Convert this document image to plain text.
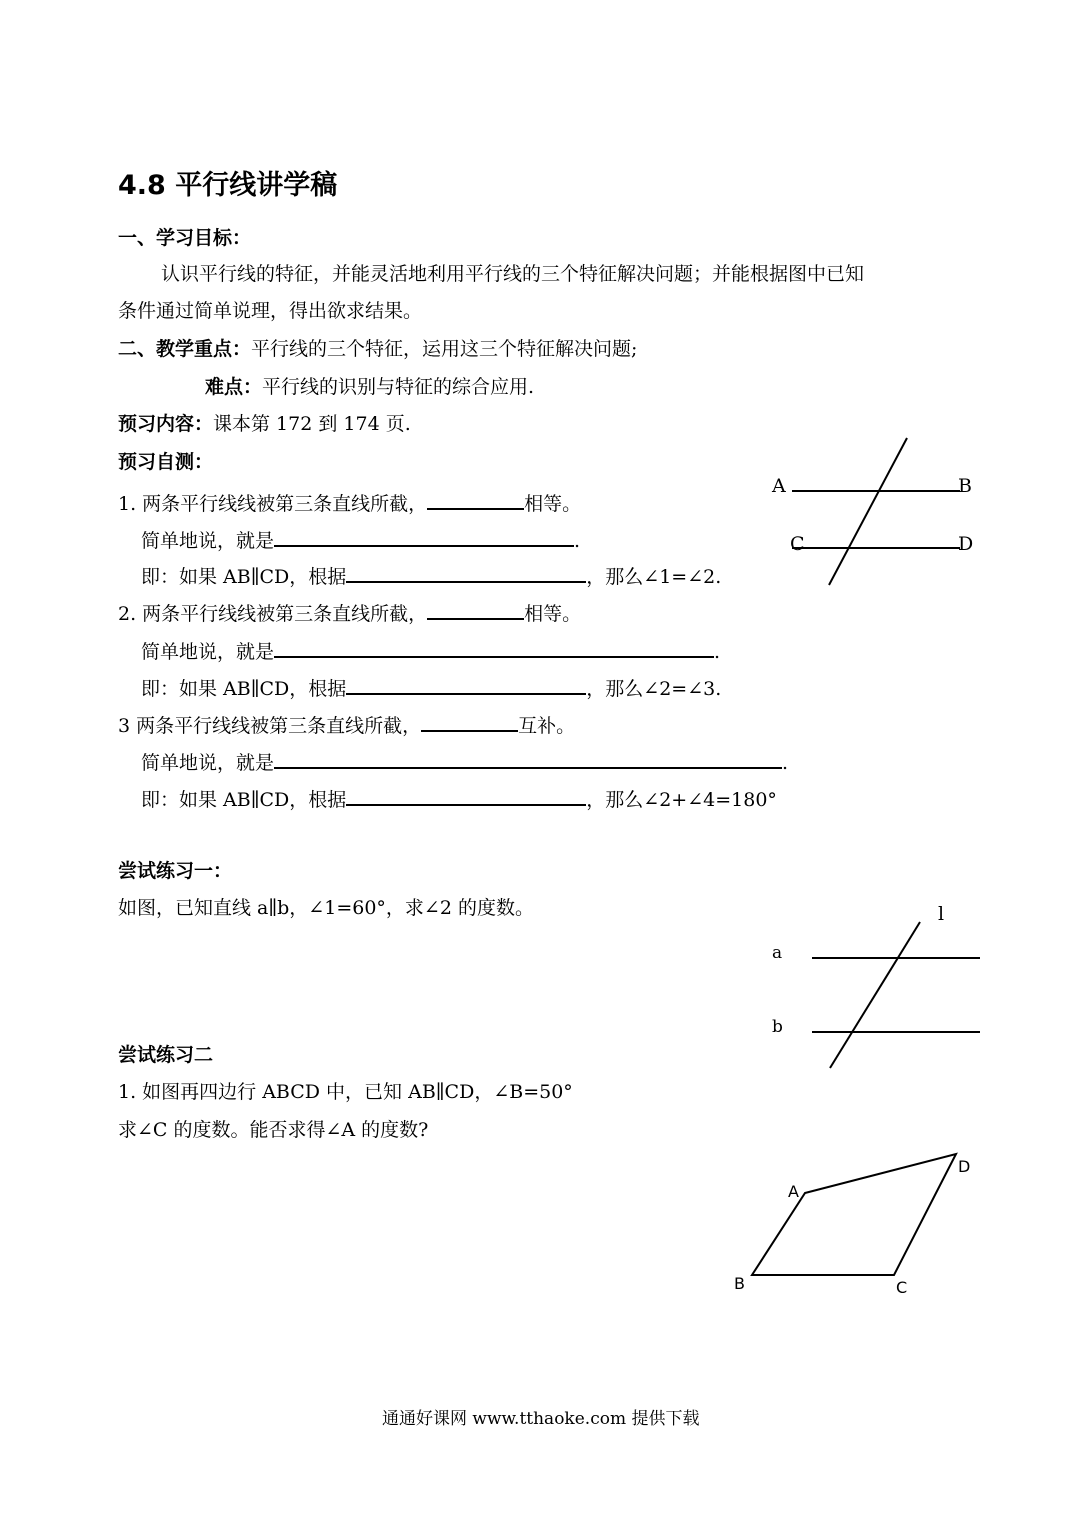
4.8 平行线讲学稿
一、学习目标：
认识平行线的特征，并能灵活地利用平行线的三个特征解决问题；并能根据图中已知
条件通过简单说理，得出欲求结果。
二、教学重点：平行线的三个特征，运用这三个特征解决问题;
难点：平行线的识别与特征的综合应用.
预习内容：课本第 172 到 174 页.
预习自测：
1. 两条平行线线被第三条直线所截，	相等。
简单地说，就是	.
即：如果 AB∥CD，根据	，那么∠1=∠2.
2. 两条平行线线被第三条直线所截，	相等。
简单地说，就是	.
即：如果 AB∥CD，根据	，那么∠2=∠3.
3 两条平行线线被第三条直线所截，	互补。
简单地说，就是	.
即：如果 AB∥CD，根据	，那么∠2+∠4=180°
尝试练习一：
如图，已知直线 a∥b，∠1=60°，求∠2 的度数。
尝试练习二
1. 如图再四边行 ABCD 中，已知 AB∥CD，∠B=50°
求∠C 的度数。能否求得∠A 的度数?
A	B
C	D
l
a
b
A
D
B	C
通通好课网 www.tthaoke.com 提供下载
